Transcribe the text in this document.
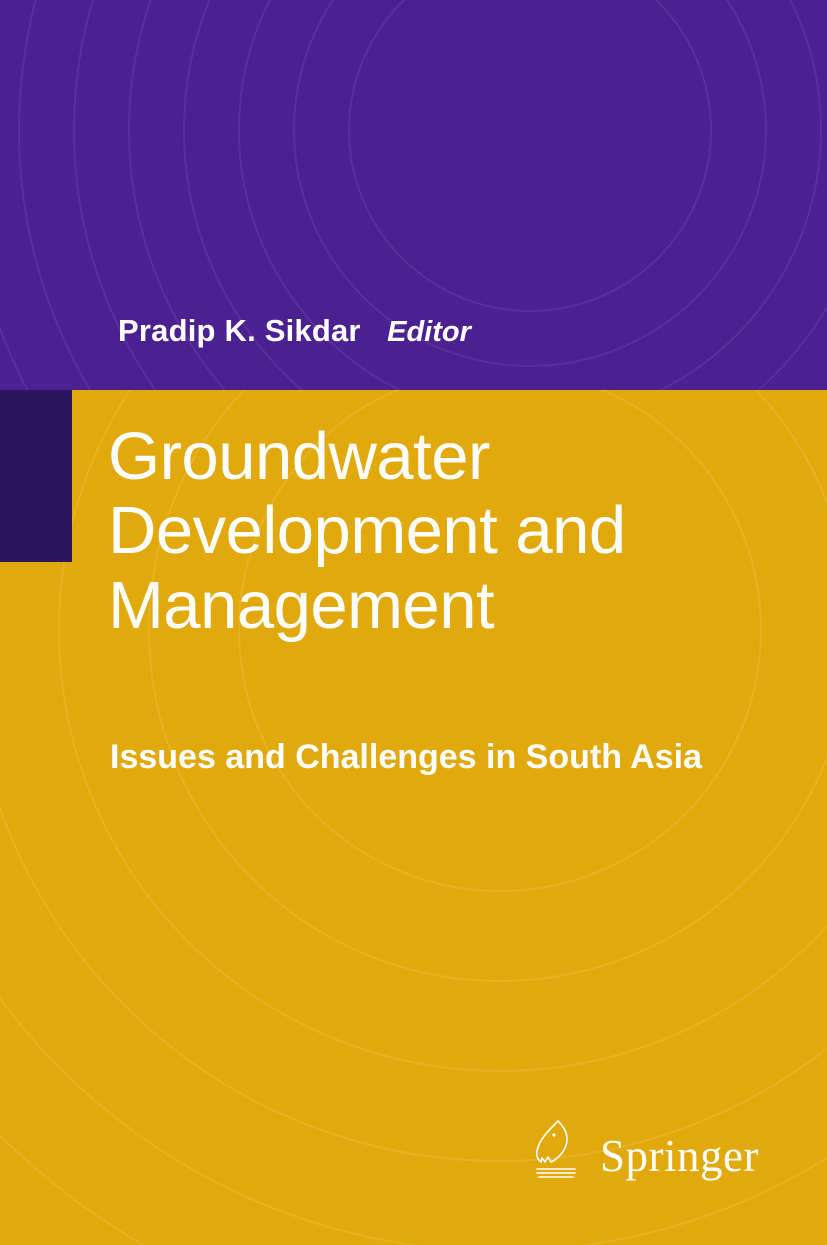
Pradip K. Sikdar Editor
Groundwater Development and Management
Issues and Challenges in South Asia
Springer
